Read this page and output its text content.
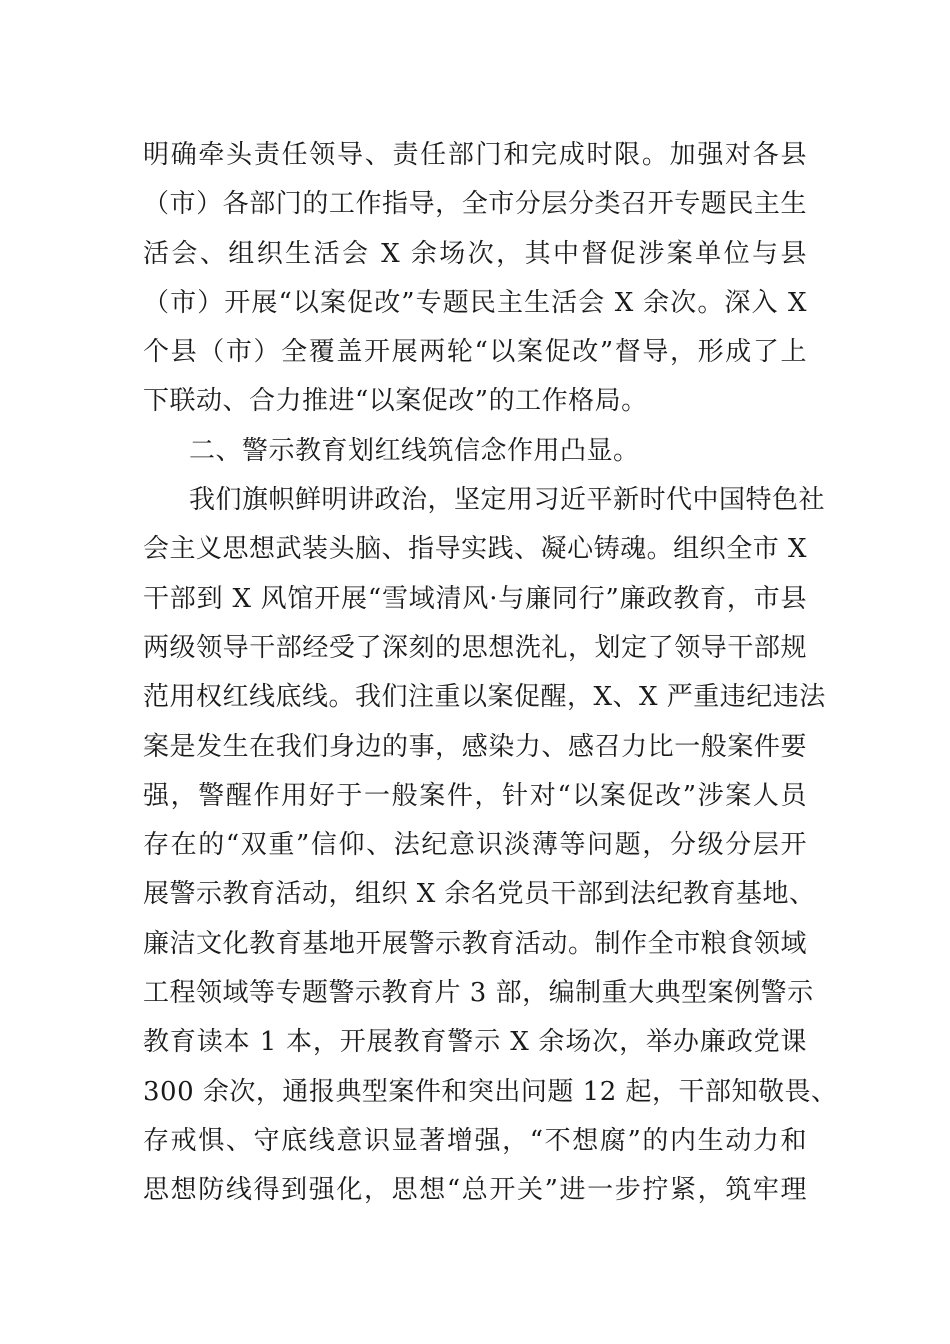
明确牵头责任领导、责任部门和完成时限。加强对各县
（市）各部门的工作指导，全市分层分类召开专题民主生
活会、组织生活会 X 余场次，其中督促涉案单位与县
（市）开展“以案促改”专题民主生活会 X 余次。深入 X
个县（市）全覆盖开展两轮“以案促改”督导，形成了上
下联动、合力推进“以案促改”的工作格局。
二、警示教育划红线筑信念作用凸显。
我们旗帜鲜明讲政治，坚定用习近平新时代中国特色社
会主义思想武装头脑、指导实践、凝心铸魂。组织全市 X
干部到 X 风馆开展“雪域清风·与廉同行”廉政教育，市县
两级领导干部经受了深刻的思想洗礼，划定了领导干部规
范用权红线底线。我们注重以案促醒，X、X 严重违纪违法
案是发生在我们身边的事，感染力、感召力比一般案件要
强，警醒作用好于一般案件，针对“以案促改”涉案人员
存在的“双重”信仰、法纪意识淡薄等问题，分级分层开
展警示教育活动，组织 X 余名党员干部到法纪教育基地、
廉洁文化教育基地开展警示教育活动。制作全市粮食领域
工程领域等专题警示教育片 3 部，编制重大典型案例警示
教育读本 1 本，开展教育警示 X 余场次，举办廉政党课
300 余次，通报典型案件和突出问题 12 起，干部知敬畏、
存戒惧、守底线意识显著增强，“不想腐”的内生动力和
思想防线得到强化，思想“总开关”进一步拧紧，筑牢理
